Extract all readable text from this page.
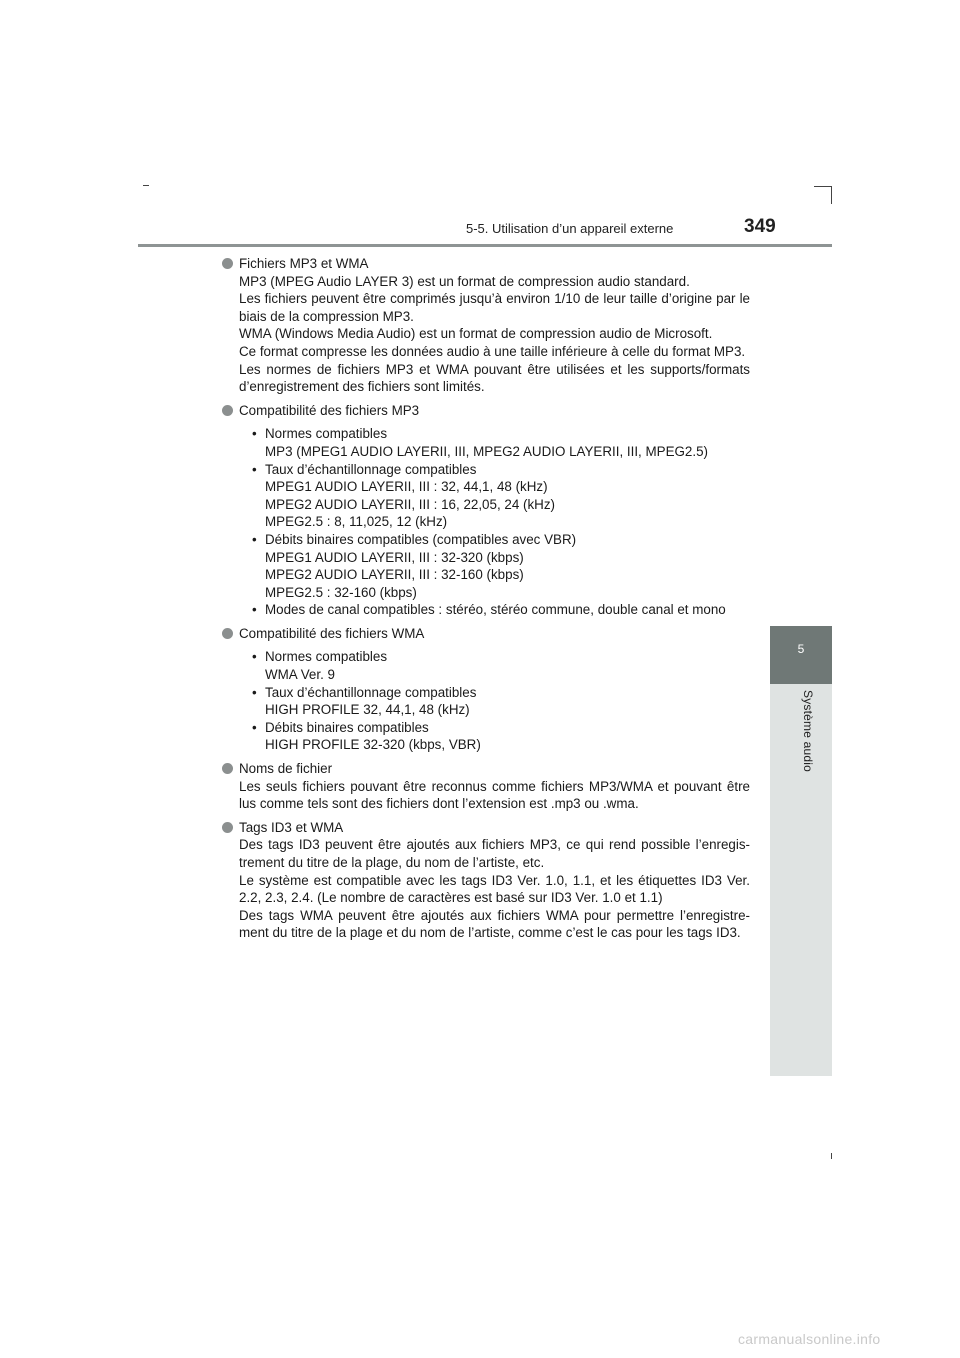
5-5. Utilisation d’un appareil externe	349
5
Système audio
Fichiers MP3 et WMA

MP3 (MPEG Audio LAYER 3) est un format de compression audio standard.

Les fichiers peuvent être comprimés jusqu’à environ 1/10 de leur taille d’origine par le biais de la compression MP3.

WMA (Windows Media Audio) est un format de compression audio de Microsoft.

Ce format compresse les données audio à une taille inférieure à celle du format MP3.

Les normes de fichiers MP3 et WMA pouvant être utilisées et les supports/formats d’enregistrement des fichiers sont limités.

Compatibilité des fichiers MP3
• Normes compatibles
MP3 (MPEG1 AUDIO LAYERII, III, MPEG2 AUDIO LAYERII, III, MPEG2.5)
• Taux d’échantillonnage compatibles
MPEG1 AUDIO LAYERII, III : 32, 44,1, 48 (kHz)
MPEG2 AUDIO LAYERII, III : 16, 22,05, 24 (kHz)
MPEG2.5 : 8, 11,025, 12 (kHz)
• Débits binaires compatibles (compatibles avec VBR)
MPEG1 AUDIO LAYERII, III : 32-320 (kbps)
MPEG2 AUDIO LAYERII, III : 32-160 (kbps)
MPEG2.5 : 32-160 (kbps)
• Modes de canal compatibles : stéréo, stéréo commune, double canal et mono
Compatibilité des fichiers WMA
• Normes compatibles
WMA Ver. 9
• Taux d’échantillonnage compatibles
HIGH PROFILE 32, 44,1, 48 (kHz)
• Débits binaires compatibles
HIGH PROFILE 32-320 (kbps, VBR)
Noms de fichier

Les seuls fichiers pouvant être reconnus comme fichiers MP3/WMA et pouvant être lus comme tels sont des fichiers dont l’extension est .mp3 ou .wma.

Tags ID3 et WMA

Des tags ID3 peuvent être ajoutés aux fichiers MP3, ce qui rend possible l’enregis-trement du titre de la plage, du nom de l’artiste, etc.

Le système est compatible avec les tags ID3 Ver. 1.0, 1.1, et les étiquettes ID3 Ver. 2.2, 2.3, 2.4. (Le nombre de caractères est basé sur ID3 Ver. 1.0 et 1.1)

Des tags WMA peuvent être ajoutés aux fichiers WMA pour permettre l’enregistre-ment du titre de la plage et du nom de l’artiste, comme c’est le cas pour les tags ID3.

carmanualsonline.info
